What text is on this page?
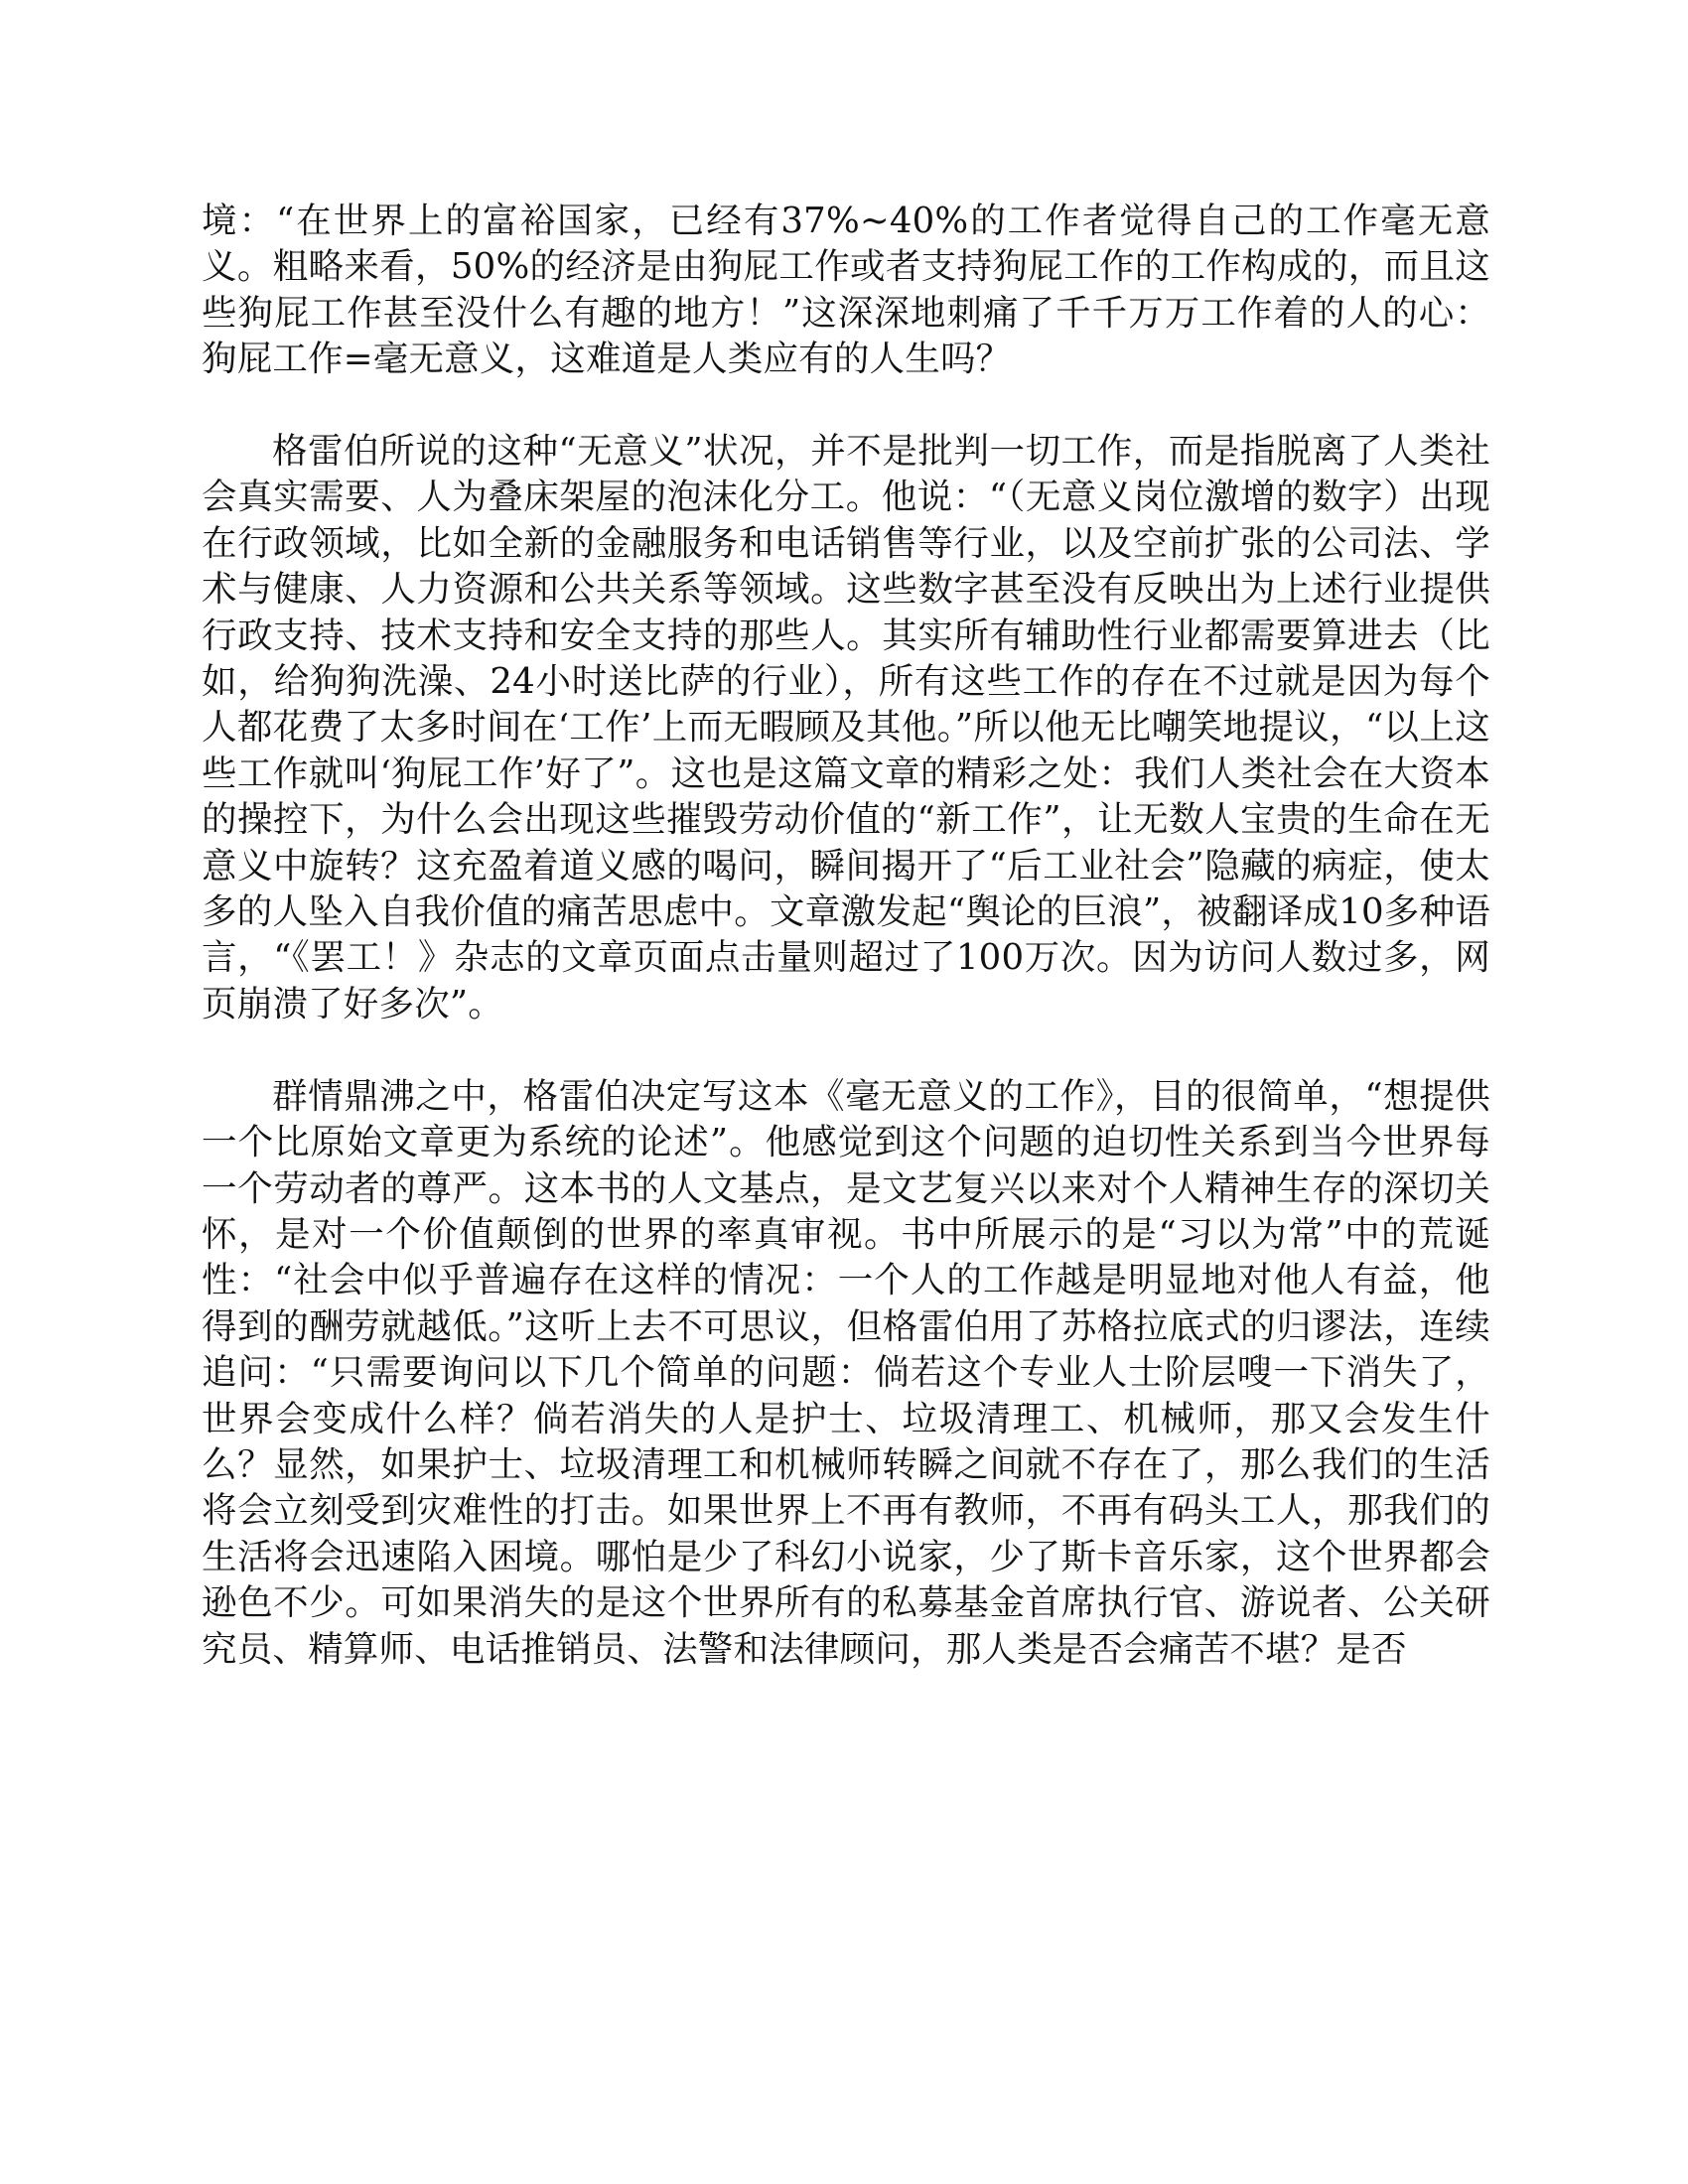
境：“在世界上的富裕国家，已经有37%~40%的工作者觉得自己的工作毫无意义。粗略来看，50%的经济是由狗屁工作或者支持狗屁工作的工作构成的，而且这些狗屁工作甚至没什么有趣的地方！”这深深地刺痛了千千万万工作着的人的心：狗屁工作=毫无意义，这难道是人类应有的人生吗？

格雷伯所说的这种“无意义”状况，并不是批判一切工作，而是指脱离了人类社会真实需要、人为叠床架屋的泡沫化分工。他说：“（无意义岗位激增的数字）出现在行政领域，比如全新的金融服务和电话销售等行业，以及空前扩张的公司法、学术与健康、人力资源和公共关系等领域。这些数字甚至没有反映出为上述行业提供行政支持、技术支持和安全支持的那些人。其实所有辅助性行业都需要算进去（比如，给狗狗洗澡、24小时送比萨的行业），所有这些工作的存在不过就是因为每个人都花费了太多时间在‘工作’上而无暇顾及其他。”所以他无比嘲笑地提议，“以上这些工作就叫‘狗屁工作’好了”。这也是这篇文章的精彩之处：我们人类社会在大资本的操控下，为什么会出现这些摧毁劳动价值的“新工作”，让无数人宝贵的生命在无意义中旋转？这充盈着道义感的喝问，瞬间揭开了“后工业社会”隐藏的病症，使太多的人坠入自我价值的痛苦思虑中。文章激发起“舆论的巨浪”，被翻译成10多种语言，“《罢工！》杂志的文章页面点击量则超过了100万次。因为访问人数过多，网页崩溃了好多次”。

群情鼎沸之中，格雷伯决定写这本《毫无意义的工作》，目的很简单，“想提供一个比原始文章更为系统的论述”。他感觉到这个问题的迫切性关系到当今世界每一个劳动者的尊严。这本书的人文基点，是文艺复兴以来对个人精神生存的深切关怀，是对一个价值颠倒的世界的率真审视。书中所展示的是“习以为常”中的荒诞性：“社会中似乎普遍存在这样的情况：一个人的工作越是明显地对他人有益，他得到的酬劳就越低。”这听上去不可思议，但格雷伯用了苏格拉底式的归谬法，连续追问：“只需要询问以下几个简单的问题：倘若这个专业人士阶层嗖一下消失了，世界会变成什么样？倘若消失的人是护士、垃圾清理工、机械师，那又会发生什么？显然，如果护士、垃圾清理工和机械师转瞬之间就不存在了，那么我们的生活将会立刻受到灾难性的打击。如果世界上不再有教师，不再有码头工人，那我们的生活将会迅速陷入困境。哪怕是少了科幻小说家，少了斯卡音乐家，这个世界都会逊色不少。可如果消失的是这个世界所有的私募基金首席执行官、游说者、公关研究员、精算师、电话推销员、法警和法律顾问，那人类是否会痛苦不堪？是否
